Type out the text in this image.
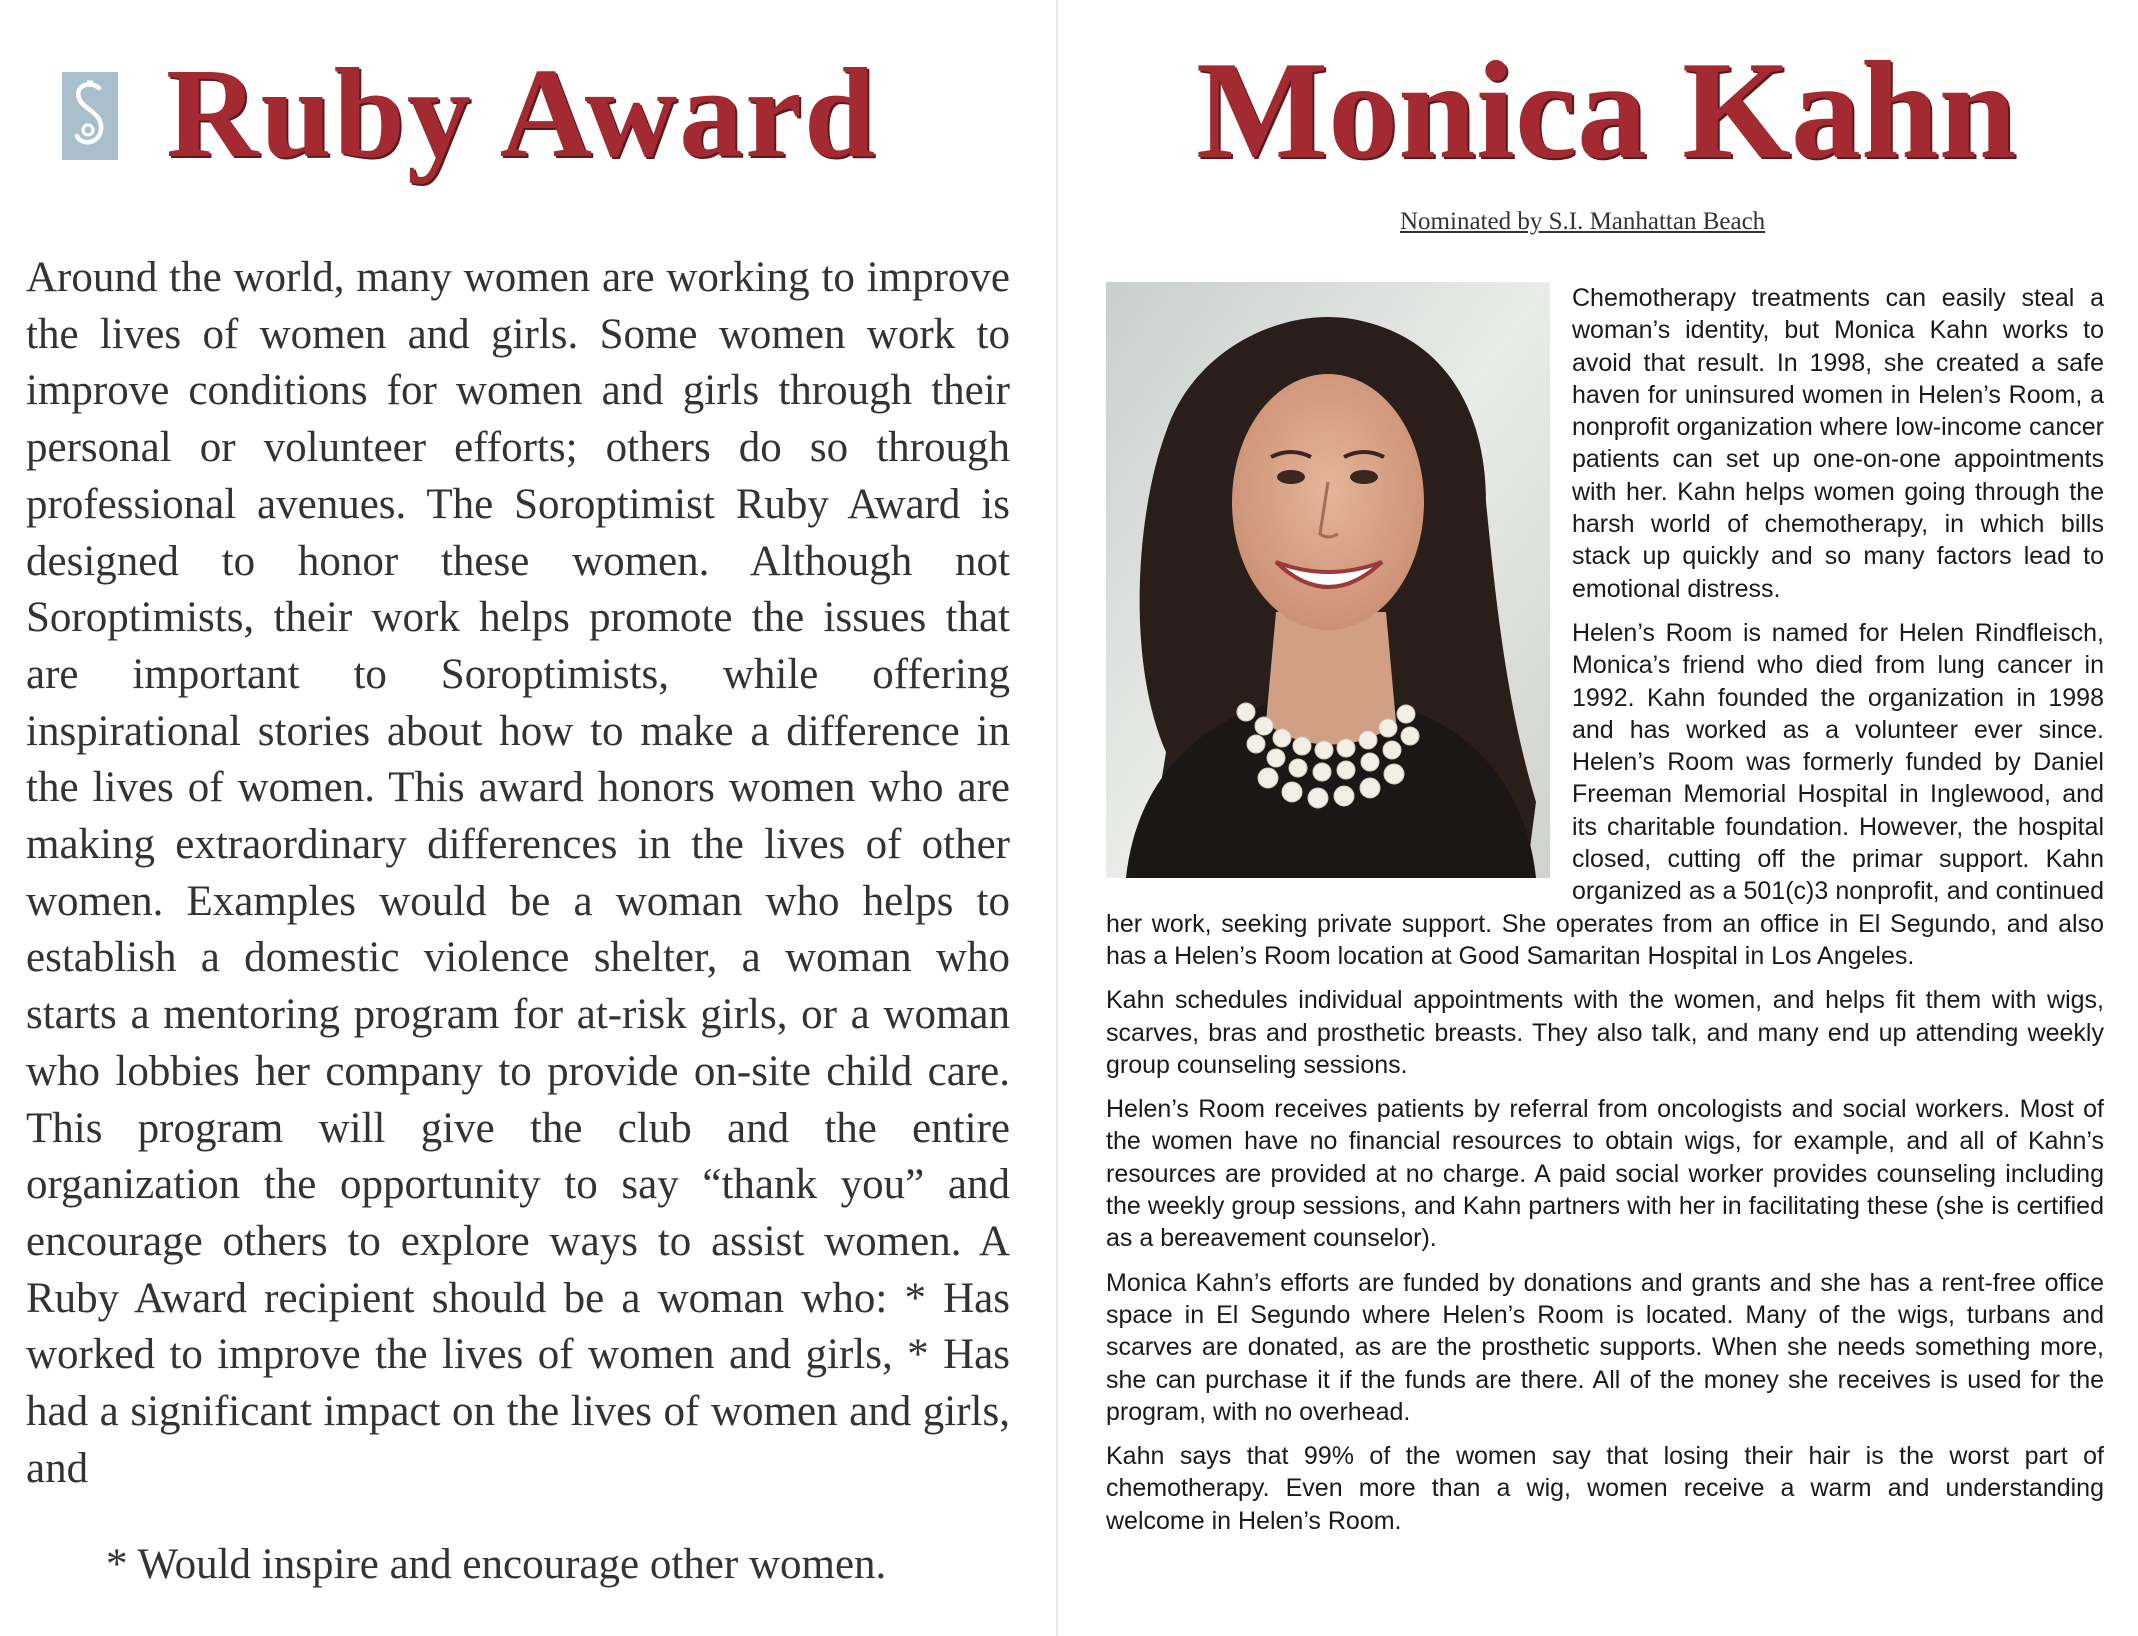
Ruby Award

Around the world, many women are working to improve the lives of women and girls. Some women work to improve conditions for women and girls through their personal or volunteer efforts; others do so through professional avenues. The Soroptimist Ruby Award is designed to honor these women. Although not Soroptimists, their work helps promote the issues that are important to Soroptimists, while offering inspirational stories about how to make a difference in the lives of women. This award honors women who are making extraordinary differences in the lives of other women. Examples would be a woman who helps to establish a domestic violence shelter, a woman who starts a mentoring program for at-risk girls, or a woman who lobbies her company to provide on-site child care. This program will give the club and the entire organization the opportunity to say “thank you” and encourage others to explore ways to assist women. A Ruby Award recipient should be a woman who: * Has worked to improve the lives of women and girls, * Has had a significant impact on the lives of women and girls, and

* Would inspire and encourage other women.

Monica Kahn

Nominated by S.I. Manhattan Beach

Chemotherapy treatments can easily steal a woman’s identity, but Monica Kahn works to avoid that result. In 1998, she created a safe haven for uninsured women in Helen’s Room, a nonprofit organization where low-income cancer patients can set up one-on-one appointments with her. Kahn helps women going through the harsh world of chemotherapy, in which bills stack up quickly and so many factors lead to emotional distress.

Helen’s Room is named for Helen Rindfleisch, Monica’s friend who died from lung cancer in 1992. Kahn founded the organization in 1998 and has worked as a volunteer ever since. Helen’s Room was formerly funded by Daniel Freeman Memorial Hospital in Inglewood, and its charitable foundation. However, the hospital closed, cutting off the primar support. Kahn organized as a 501(c)3 nonprofit, and continued her work, seeking private support. She operates from an office in El Segundo, and also has a Helen’s Room location at Good Samaritan Hospital in Los Angeles.

Kahn schedules individual appointments with the women, and helps fit them with wigs, scarves, bras and prosthetic breasts. They also talk, and many end up attending weekly group counseling sessions.

Helen’s Room receives patients by referral from oncologists and social workers. Most of the women have no financial resources to obtain wigs, for example, and all of Kahn’s resources are provided at no charge. A paid social worker provides counseling including the weekly group sessions, and Kahn partners with her in facilitating these (she is certified as a bereavement counselor).

Monica Kahn’s efforts are funded by donations and grants and she has a rent-free office space in El Segundo where Helen’s Room is located. Many of the wigs, turbans and scarves are donated, as are the prosthetic supports. When she needs something more, she can purchase it if the funds are there. All of the money she receives is used for the program, with no overhead.

Kahn says that 99% of the women say that losing their hair is the worst part of chemotherapy. Even more than a wig, women receive a warm and understanding welcome in Helen’s Room.
